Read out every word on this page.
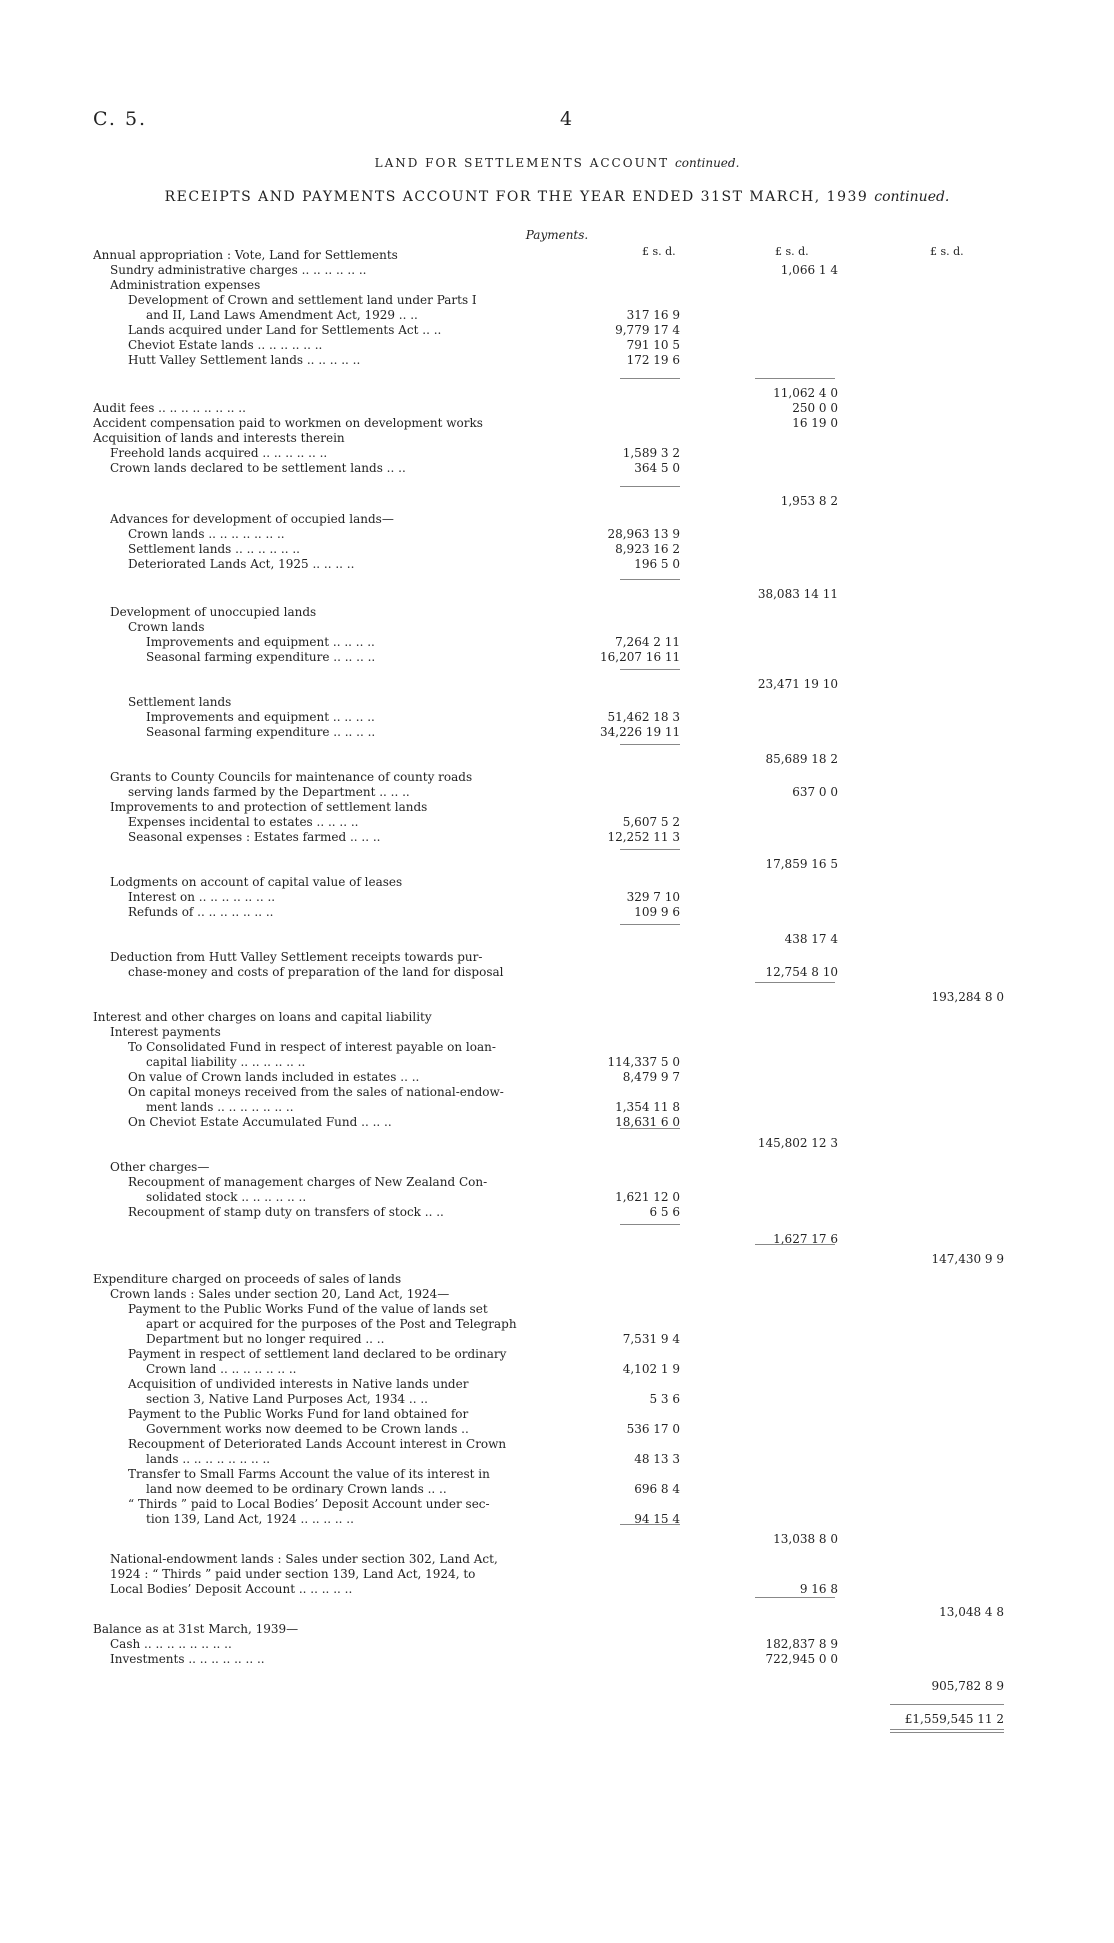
C. 5.	4
LAND FOR SETTLEMENTS ACCOUNT continued.
RECEIPTS AND PAYMENTS ACCOUNT FOR THE YEAR ENDED 31ST MARCH, 1939 continued.
Payments.
£ s. d.	£ s. d.	£ s. d.
Annual appropriation : Vote, Land for Settlements
Sundry administrative charges .. .. .. .. .. ..	1,066 1 4
Administration expenses
Development of Crown and settlement land under Parts I
and II, Land Laws Amendment Act, 1929 .. ..	317 16 9
Lands acquired under Land for Settlements Act .. ..	9,779 17 4
Cheviot Estate lands .. .. .. .. .. ..	791 10 5
Hutt Valley Settlement lands .. .. .. .. ..	172 19 6
11,062 4 0
Audit fees .. .. .. .. .. .. .. ..	250 0 0
Accident compensation paid to workmen on development works	16 19 0
Acquisition of lands and interests therein
Freehold lands acquired .. .. .. .. .. ..	1,589 3 2
Crown lands declared to be settlement lands .. ..	364 5 0
1,953 8 2
Advances for development of occupied lands—
Crown lands .. .. .. .. .. .. ..	28,963 13 9
Settlement lands .. .. .. .. .. ..	8,923 16 2
Deteriorated Lands Act, 1925 .. .. .. ..	196 5 0
38,083 14 11
Development of unoccupied lands
Crown lands
Improvements and equipment .. .. .. ..	7,264 2 11
Seasonal farming expenditure .. .. .. ..	16,207 16 11
23,471 19 10
Settlement lands
Improvements and equipment .. .. .. ..	51,462 18 3
Seasonal farming expenditure .. .. .. ..	34,226 19 11
85,689 18 2
Grants to County Councils for maintenance of county roads
serving lands farmed by the Department .. .. ..	637 0 0
Improvements to and protection of settlement lands
Expenses incidental to estates .. .. .. ..	5,607 5 2
Seasonal expenses : Estates farmed .. .. ..	12,252 11 3
17,859 16 5
Lodgments on account of capital value of leases
Interest on .. .. .. .. .. .. ..	329 7 10
Refunds of .. .. .. .. .. .. ..	109 9 6
438 17 4
Deduction from Hutt Valley Settlement receipts towards pur-
chase-money and costs of preparation of the land for disposal	12,754 8 10
193,284 8 0
Interest and other charges on loans and capital liability
Interest payments
To Consolidated Fund in respect of interest payable on loan-
capital liability .. .. .. .. .. ..	114,337 5 0
On value of Crown lands included in estates .. ..	8,479 9 7
On capital moneys received from the sales of national-endow-
ment lands .. .. .. .. .. .. ..	1,354 11 8
On Cheviot Estate Accumulated Fund .. .. ..	18,631 6 0
145,802 12 3
Other charges—
Recoupment of management charges of New Zealand Con-
solidated stock .. .. .. .. .. ..	1,621 12 0
Recoupment of stamp duty on transfers of stock .. ..	6 5 6
1,627 17 6
147,430 9 9
Expenditure charged on proceeds of sales of lands
Crown lands : Sales under section 20, Land Act, 1924—
Payment to the Public Works Fund of the value of lands set
apart or acquired for the purposes of the Post and Telegraph
Department but no longer required .. ..	7,531 9 4
Payment in respect of settlement land declared to be ordinary
Crown land .. .. .. .. .. .. ..	4,102 1 9
Acquisition of undivided interests in Native lands under
section 3, Native Land Purposes Act, 1934 .. ..	5 3 6
Payment to the Public Works Fund for land obtained for
Government works now deemed to be Crown lands ..	536 17 0
Recoupment of Deteriorated Lands Account interest in Crown
lands .. .. .. .. .. .. .. ..	48 13 3
Transfer to Small Farms Account the value of its interest in
land now deemed to be ordinary Crown lands .. ..	696 8 4
“ Thirds ” paid to Local Bodies’ Deposit Account under sec-
tion 139, Land Act, 1924 .. .. .. .. ..	94 15 4
13,038 8 0
National-endowment lands : Sales under section 302, Land Act,
1924 : “ Thirds ” paid under section 139, Land Act, 1924, to
Local Bodies’ Deposit Account .. .. .. .. ..	9 16 8
13,048 4 8
Balance as at 31st March, 1939—
Cash .. .. .. .. .. .. .. ..	182,837 8 9
Investments .. .. .. .. .. .. ..	722,945 0 0
905,782 8 9
£1,559,545 11 2
